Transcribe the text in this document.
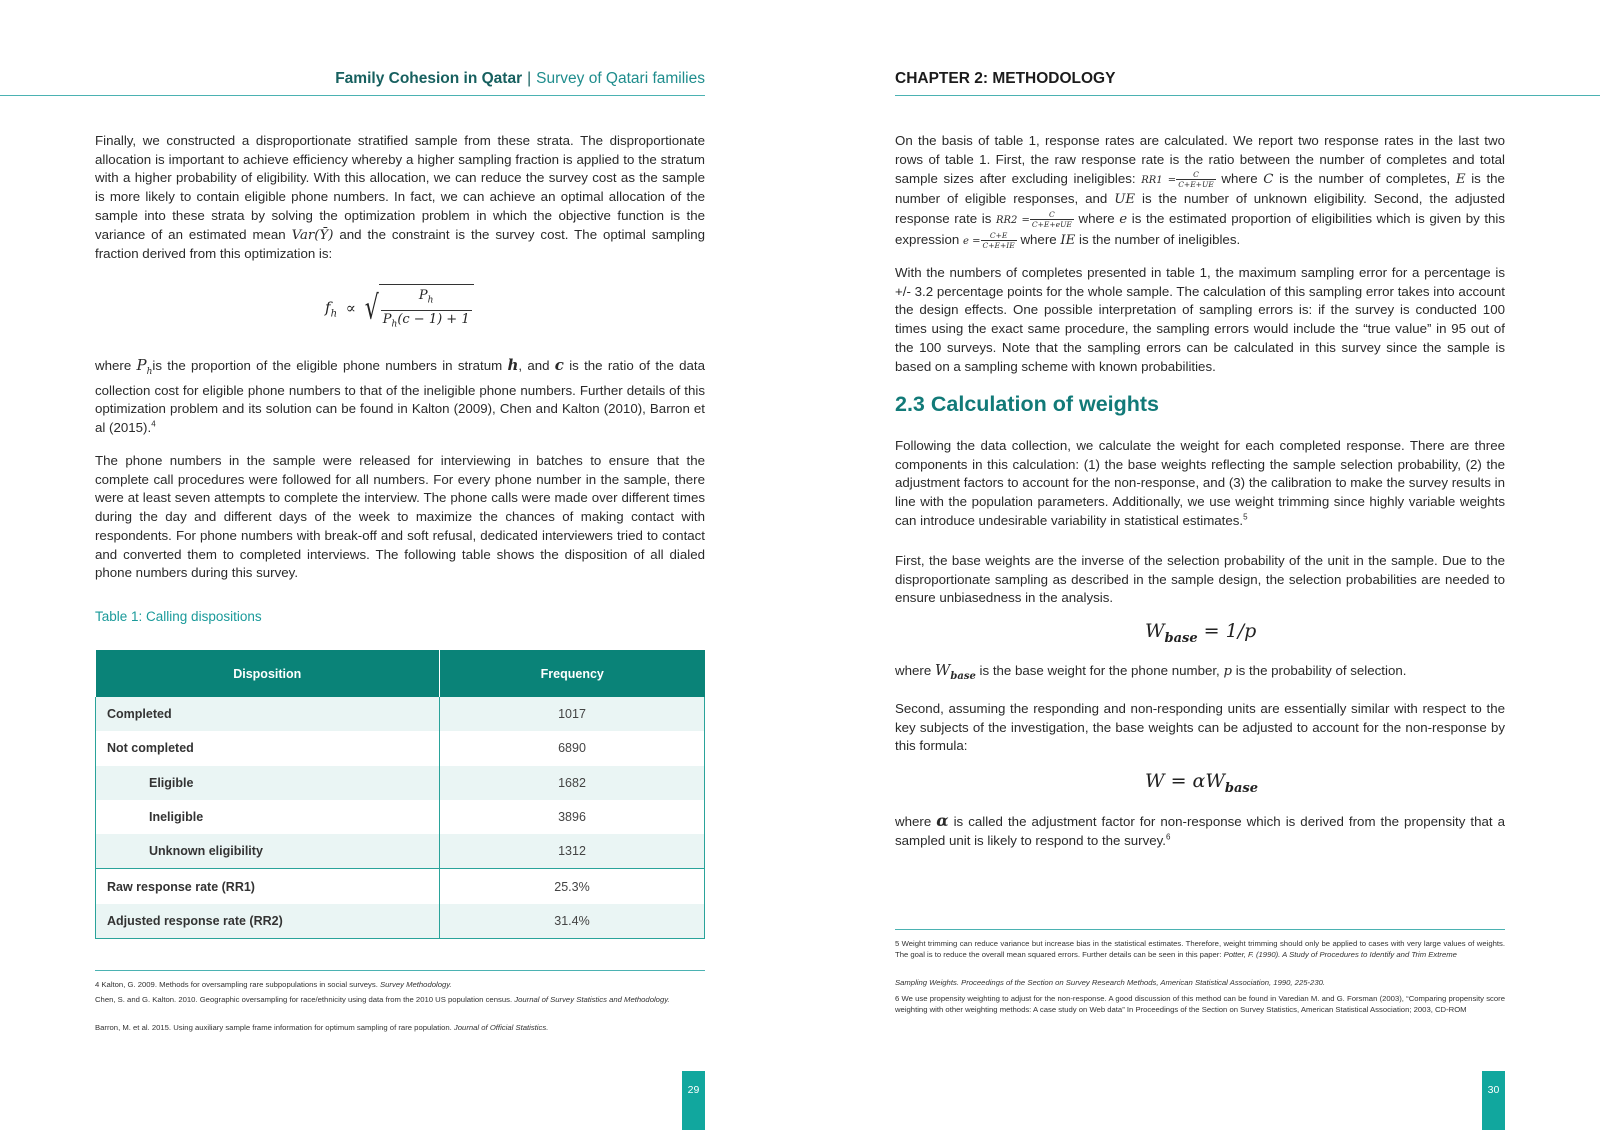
Family Cohesion in Qatar | Survey of Qatari families

Finally, we constructed a disproportionate stratified sample from these strata. The disproportionate allocation is important to achieve efficiency whereby a higher sampling fraction is applied to the stratum with a higher probability of eligibility. With this allocation, we can reduce the survey cost as the sample is more likely to contain eligible phone numbers. In fact, we can achieve an optimal allocation of the sample into these strata by solving the optimization problem in which the objective function is the variance of an estimated mean Var(Ȳ) and the constraint is the survey cost. The optimal sampling fraction derived from this optimization is:

$f_h$ ∝ √ $\frac{P_h}{P_h(c - 1) + 1}$

where $P_his$ the proportion of the eligible phone numbers in stratum h, and c is the ratio of the data collection cost for eligible phone numbers to that of the ineligible phone numbers. Further details of this optimization problem and its solution can be found in Kalton (2009), Chen and Kalton (2010), Barron et al (2015).$^4$

The phone numbers in the sample were released for interviewing in batches to ensure that the complete call procedures were followed for all numbers. For every phone number in the sample, there were at least seven attempts to complete the interview. The phone calls were made over different times during the day and different days of the week to maximize the chances of making contact with respondents. For phone numbers with break-off and soft refusal, dedicated interviewers tried to contact and converted them to completed interviews. The following table shows the disposition of all dialed phone numbers during this survey.

Table 1: Calling dispositions
Disposition	Frequency
Completed	1017
Not completed	6890
Eligible	1682
Ineligible	3896
Unknown eligibility	1312
Raw response rate (RR1)	25.3%
Adjusted response rate (RR2)	31.4%
4 Kalton, G. 2009. Methods for oversampling rare subpopulations in social surveys. Survey Methodology.
Chen, S. and G. Kalton. 2010. Geographic oversampling for race/ethnicity using data from the 2010 US population census. Journal of Survey Statistics and Methodology.
Barron, M. et al. 2015. Using auxiliary sample frame information for optimum sampling of rare population. Journal of Official Statistics.
29
CHAPTER 2: METHODOLOGY

On the basis of table 1, response rates are calculated. We report two response rates in the last two rows of table 1. First, the raw response rate is the ratio between the number of completes and total sample sizes after excluding ineligibles: $RR1 = \frac{C}{C+E+UE}$ where C is the number of completes, E is the number of eligible responses, and UE is the number of unknown eligibility. Second, the adjusted response rate is $RR2 = \frac{C}{\text{C+E+eUE}}$ where e is the estimated proportion of eligibilities which is given by this expression $e = \frac{C+E}{C+E+IE}$ where IE is the number of ineligibles.

With the numbers of completes presented in table 1, the maximum sampling error for a percentage is +/- 3.2 percentage points for the whole sample. The calculation of this sampling error takes into account the design effects. One possible interpretation of sampling errors is: if the survey is conducted 100 times using the exact same procedure, the sampling errors would include the “true value” in 95 out of the 100 surveys. Note that the sampling errors can be calculated in this survey since the sample is based on a sampling scheme with known probabilities.

2.3 Calculation of weights

Following the data collection, we calculate the weight for each completed response. There are three components in this calculation: (1) the base weights reflecting the sample selection probability, (2) the adjustment factors to account for the non-response, and (3) the calibration to make the survey results in line with the population parameters. Additionally, we use weight trimming since highly variable weights can introduce undesirable variability in statistical estimates.$^5$

First, the base weights are the inverse of the selection probability of the unit in the sample. Due to the disproportionate sampling as described in the sample design, the selection probabilities are needed to ensure unbiasedness in the analysis.

$W_{base} = 1/p$

where $W_{base}$ is the base weight for the phone number, p is the probability of selection.

Second, assuming the responding and non-responding units are essentially similar with respect to the key subjects of the investigation, the base weights can be adjusted to account for the non-response by this formula:

$W = \alpha W_{base}$

where α is called the adjustment factor for non-response which is derived from the propensity that a sampled unit is likely to respond to the survey.$^6$

5 Weight trimming can reduce variance but increase bias in the statistical estimates. Therefore, weight trimming should only be applied to cases with very large values of weights. The goal is to reduce the overall mean squared errors. Further details can be seen in this paper: Potter, F. (1990). A Study of Procedures to Identify and Trim Extreme
Sampling Weights. Proceedings of the Section on Survey Research Methods, American Statistical Association, 1990, 225-230.
6 We use propensity weighting to adjust for the non-response. A good discussion of this method can be found in Varedian M. and G. Forsman (2003), “Comparing propensity score weighting with other weighting methods: A case study on Web data” In Proceedings of the Section on Survey Statistics, American Statistical Association; 2003, CD-ROM
30
